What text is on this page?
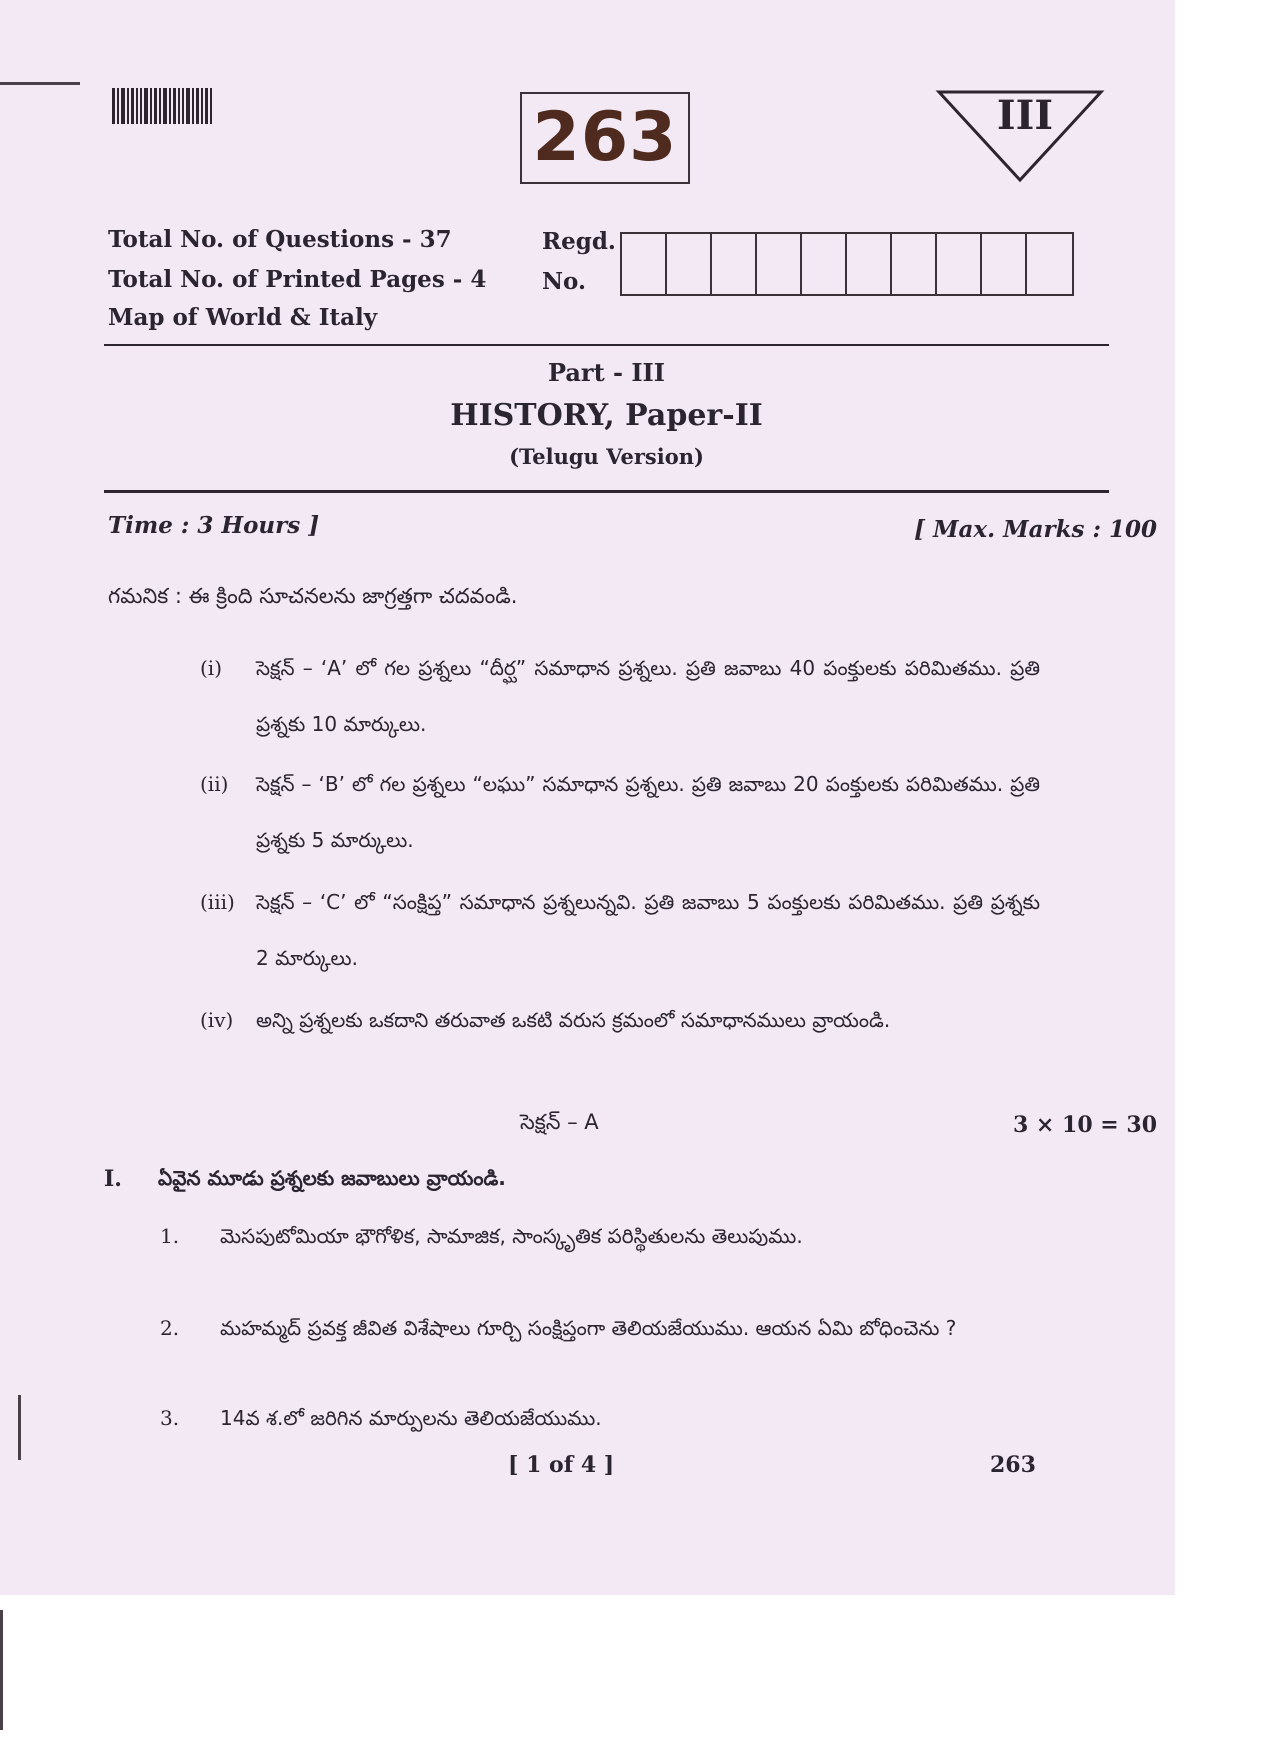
263	III
Total No. of Questions - 37
Total No. of Printed Pages - 4
Map of World & Italy
Regd.
No.
Part - III
HISTORY, Paper-II
(Telugu Version)
Time : 3 Hours ]	[ Max. Marks : 100
గమనిక : ఈ క్రింది సూచనలను జాగ్రత్తగా చదవండి.
(i)	సెక్షన్ – ‘A’ లో గల ప్రశ్నలు “దీర్ఘ” సమాధాన ప్రశ్నలు. ప్రతి జవాబు 40 పంక్తులకు పరిమితము. ప్రతి ప్రశ్నకు 10 మార్కులు.
(ii)	సెక్షన్ – ‘B’ లో గల ప్రశ్నలు “లఘు” సమాధాన ప్రశ్నలు. ప్రతి జవాబు 20 పంక్తులకు పరిమితము. ప్రతి ప్రశ్నకు 5 మార్కులు.
(iii)	సెక్షన్ – ‘C’ లో “సంక్షిప్త” సమాధాన ప్రశ్నలున్నవి. ప్రతి జవాబు 5 పంక్తులకు పరిమితము. ప్రతి ప్రశ్నకు 2 మార్కులు.
(iv)	అన్ని ప్రశ్నలకు ఒకదాని తరువాత ఒకటి వరుస క్రమంలో సమాధానములు వ్రాయండి.
సెక్షన్ – A	3 × 10 = 30
I. ఏవైన మూడు ప్రశ్నలకు జవాబులు వ్రాయండి.
1. మెసపుటోమియా భౌగోళిక, సామాజిక, సాంస్కృతిక పరిస్థితులను తెలుపుము.
2. మహమ్మద్ ప్రవక్త జీవిత విశేషాలు గూర్చి సంక్షిప్తంగా తెలియజేయుము. ఆయన ఏమి బోధించెను ?
3. 14వ శ.లో జరిగిన మార్పులను తెలియజేయుము.
[ 1 of 4 ]	263
